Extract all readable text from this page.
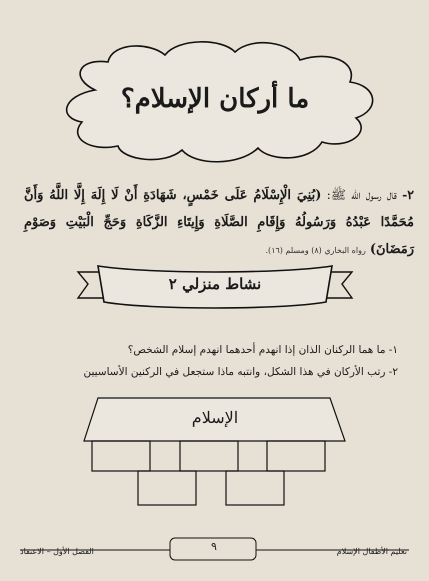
ما أركان الإسلام؟
٢- قال رسول الله ﷺ: (بُنِيَ الْإِسْلَامُ عَلَى خَمْسٍ، شَهَادَةِ أَنْ لَا إِلَهَ إِلَّا اللَّهُ وَأَنَّ مُحَمَّدًا عَبْدُهُ وَرَسُولُهُ وَإِقَامِ الصَّلَاةِ وَإِيتَاءِ الزَّكَاةِ وَحَجِّ الْبَيْتِ وَصَوْمِ رَمَضَانَ) رواه البخاري (٨) ومسلم (١٦).
نشاط منزلي ٢
١- ما هما الركنان الذان إذا انهدم أحدهما انهدم إسلام الشخص؟
٢- رتب الأركان في هذا الشكل، وانتبه ماذا ستجعل في الركنين الأساسيين
الإسلام
تعليم الأطفال الإسلام
٩
الفصل الأول – الاعتقاد
